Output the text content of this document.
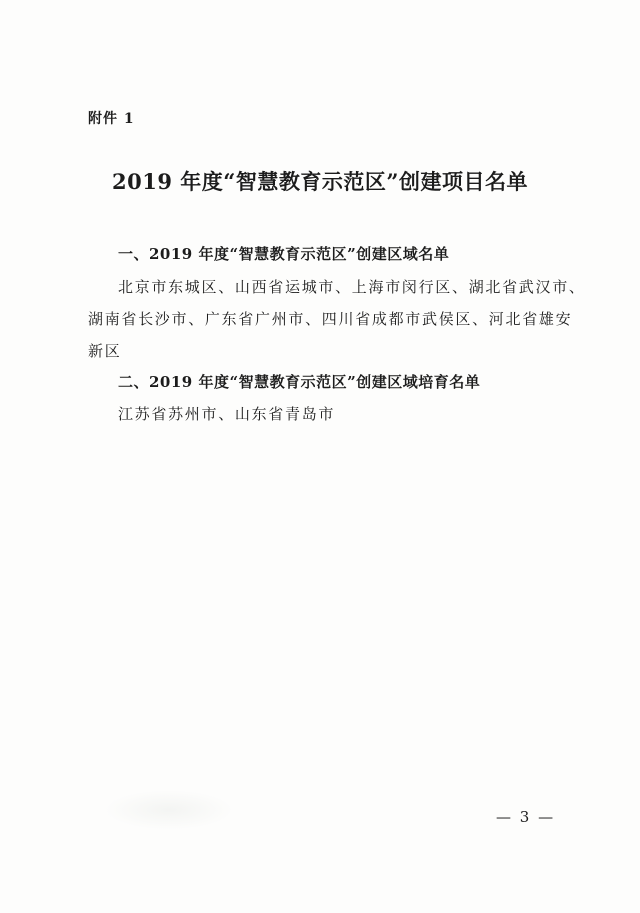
附件 1
2019 年度“智慧教育示范区”创建项目名单
一、2019 年度“智慧教育示范区”创建区域名单
北京市东城区、山西省运城市、上海市闵行区、湖北省武汉市、
湖南省长沙市、广东省广州市、四川省成都市武侯区、河北省雄安
新区
二、2019 年度“智慧教育示范区”创建区域培育名单
江苏省苏州市、山东省青岛市
— 3 —
